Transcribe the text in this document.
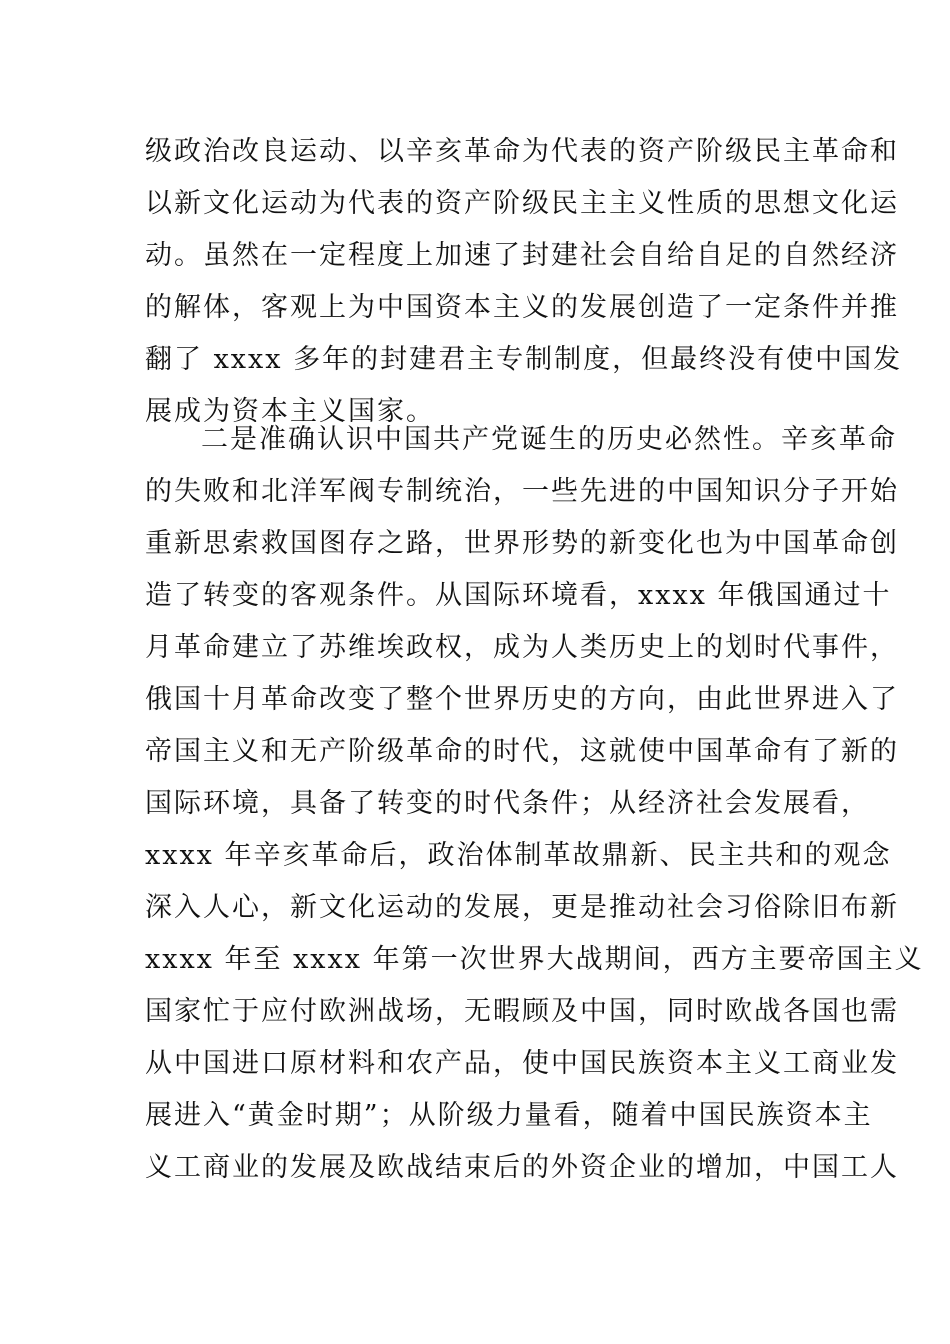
级政治改良运动、以辛亥革命为代表的资产阶级民主革命和
以新文化运动为代表的资产阶级民主主义性质的思想文化运
动。虽然在一定程度上加速了封建社会自给自足的自然经济
的解体，客观上为中国资本主义的发展创造了一定条件并推
翻了 xxxx 多年的封建君主专制制度，但最终没有使中国发
展成为资本主义国家。
二是准确认识中国共产党诞生的历史必然性。辛亥革命
的失败和北洋军阀专制统治，一些先进的中国知识分子开始
重新思索救国图存之路，世界形势的新变化也为中国革命创
造了转变的客观条件。从国际环境看，xxxx 年俄国通过十
月革命建立了苏维埃政权，成为人类历史上的划时代事件，
俄国十月革命改变了整个世界历史的方向，由此世界进入了
帝国主义和无产阶级革命的时代，这就使中国革命有了新的
国际环境，具备了转变的时代条件；从经济社会发展看，
xxxx 年辛亥革命后，政治体制革故鼎新、民主共和的观念
深入人心，新文化运动的发展，更是推动社会习俗除旧布新
xxxx 年至 xxxx 年第一次世界大战期间，西方主要帝国主义
国家忙于应付欧洲战场，无暇顾及中国，同时欧战各国也需
从中国进口原材料和农产品，使中国民族资本主义工商业发
展进入“黄金时期”；从阶级力量看，随着中国民族资本主
义工商业的发展及欧战结束后的外资企业的增加，中国工人
